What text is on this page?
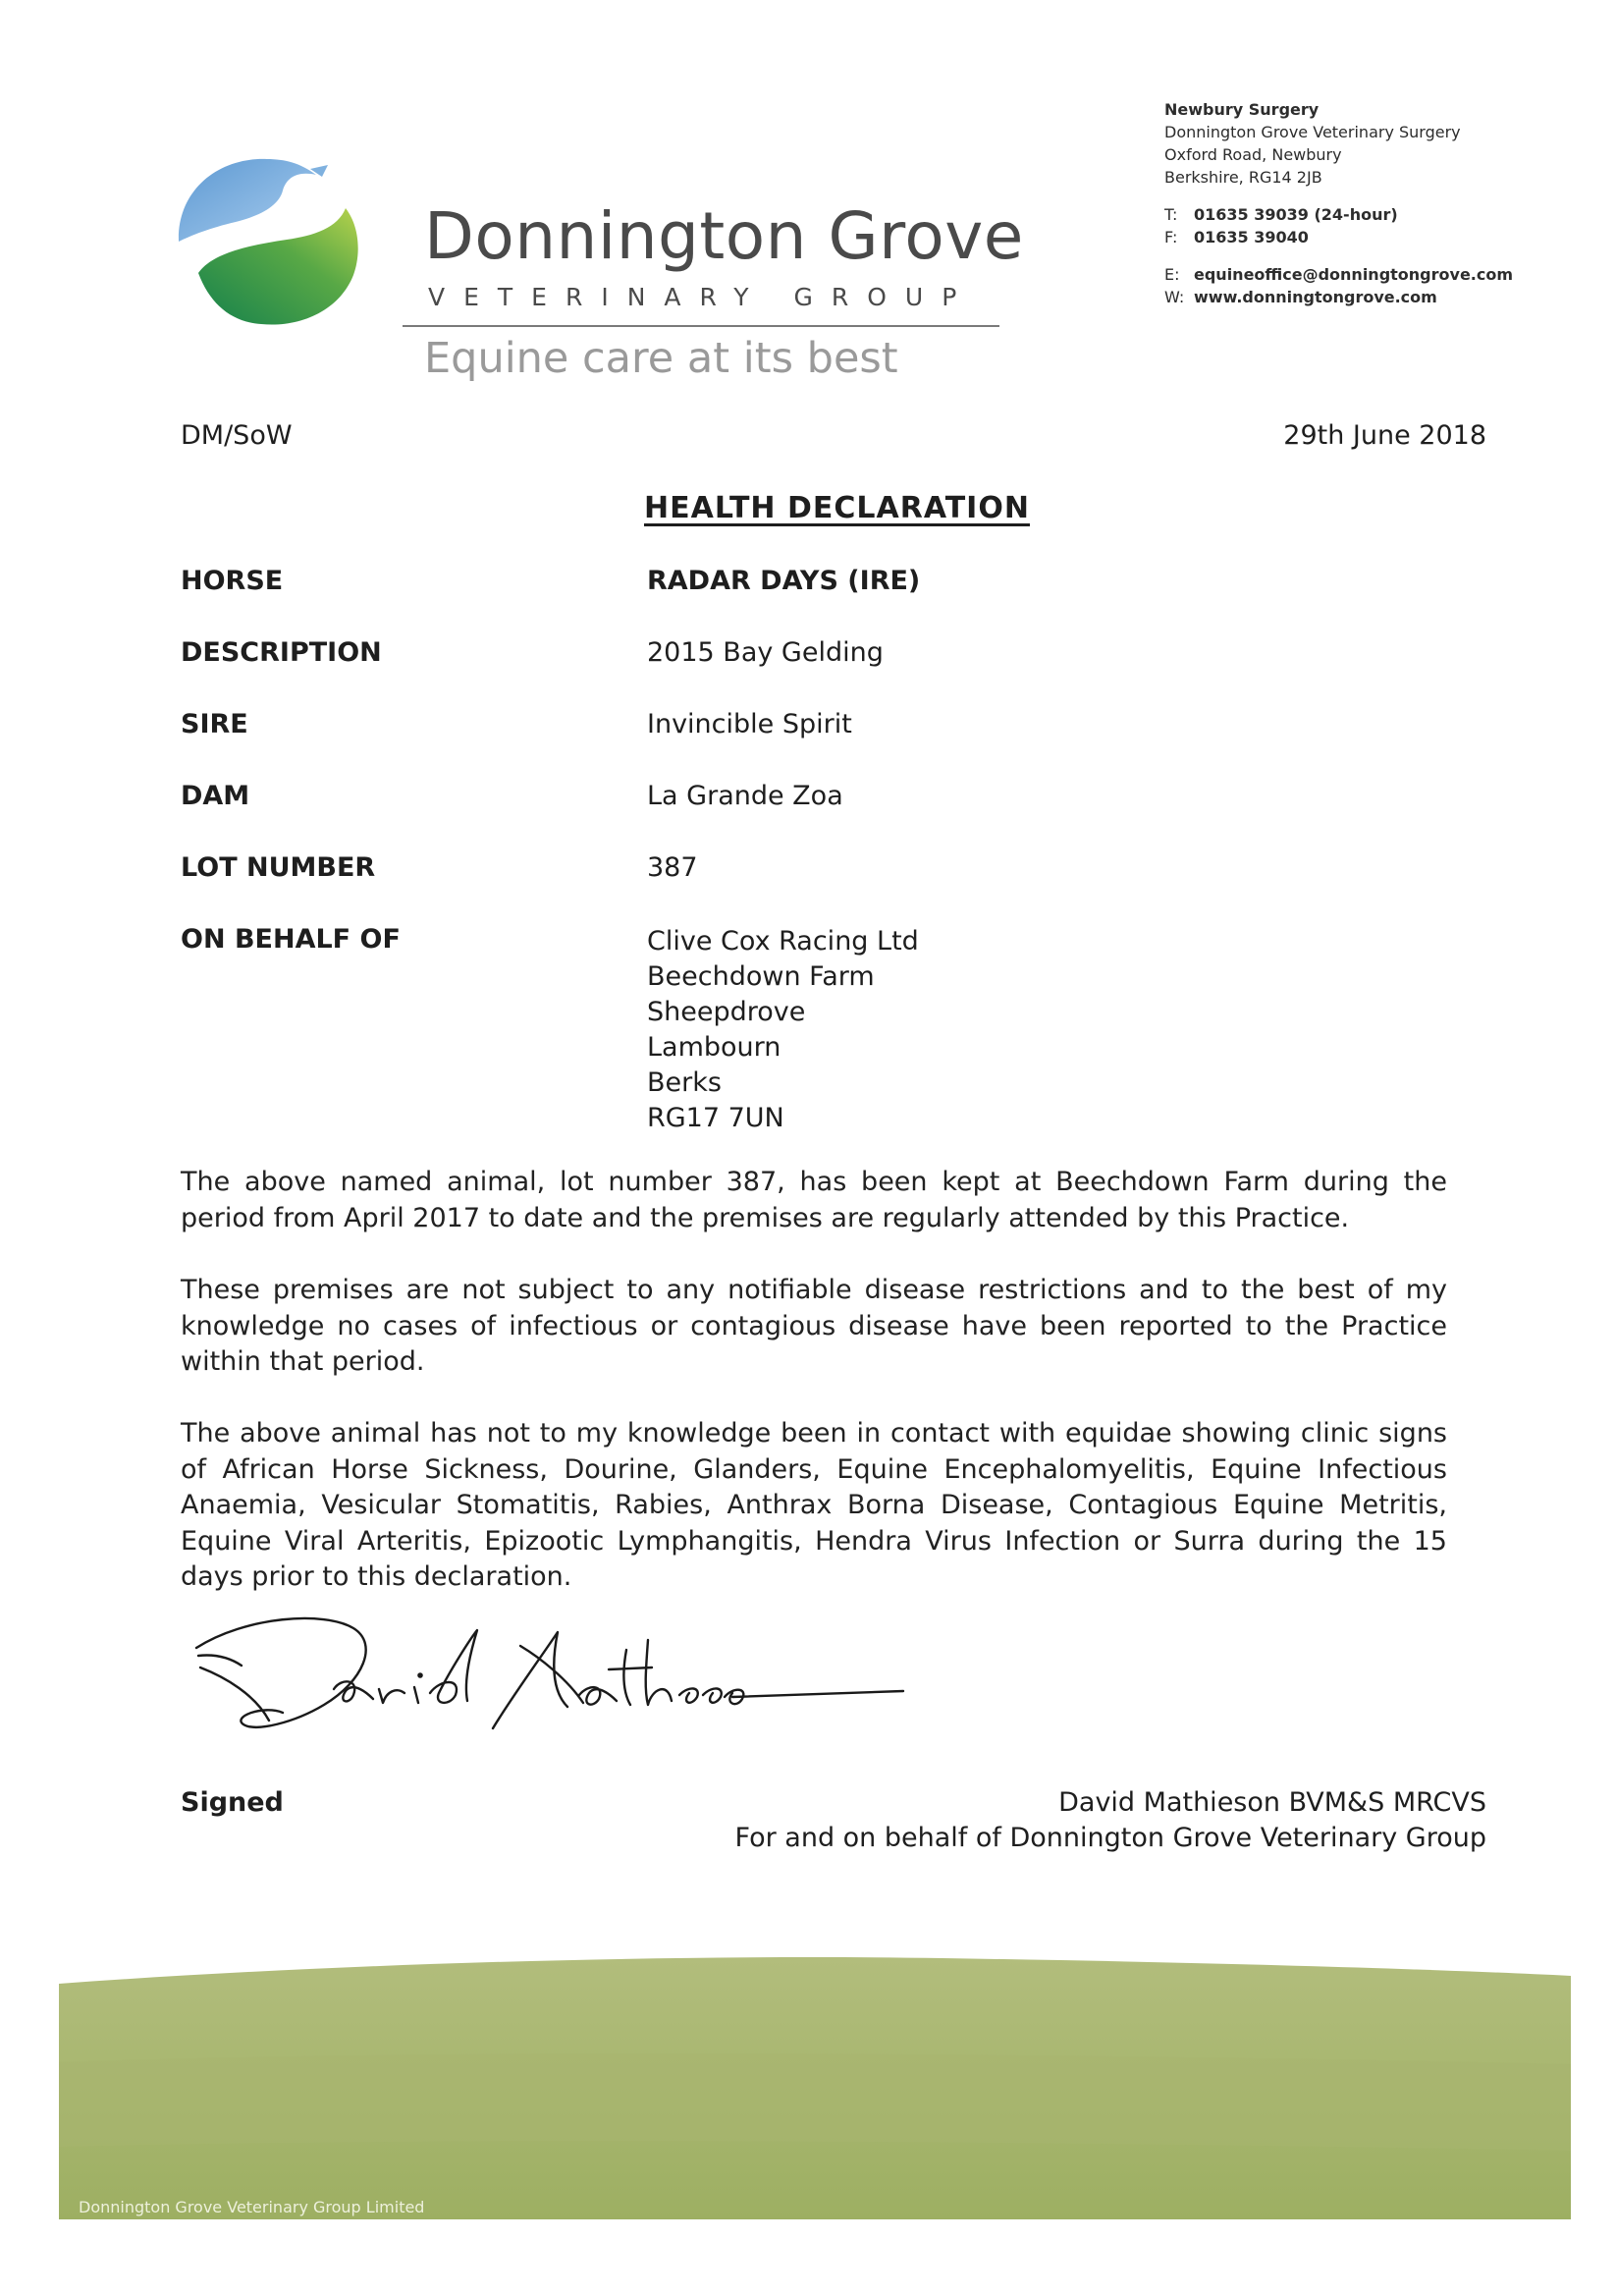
Donnington Grove
VETERINARY GROUP
Equine care at its best
Newbury Surgery
Donnington Grove Veterinary Surgery
Oxford Road, Newbury
Berkshire, RG14 2JB
T: 01635 39039 (24-hour)
F: 01635 39040
E: equineoffice@donningtongrove.com
W: www.donningtongrove.com
DM/SoW	29th June 2018
HEALTH DECLARATION
HORSE	RADAR DAYS (IRE)
DESCRIPTION	2015 Bay Gelding
SIRE	Invincible Spirit
DAM	La Grande Zoa
LOT NUMBER	387
ON BEHALF OF	Clive Cox Racing Ltd
Beechdown Farm
Sheepdrove
Lambourn
Berks
RG17 7UN

The above named animal, lot number 387, has been kept at Beechdown Farm during the period from April 2017 to date and the premises are regularly attended by this Practice.

These premises are not subject to any notifiable disease restrictions and to the best of my knowledge no cases of infectious or contagious disease have been reported to the Practice within that period.

The above animal has not to my knowledge been in contact with equidae showing clinic signs of African Horse Sickness, Dourine, Glanders, Equine Encephalomyelitis, Equine Infectious Anaemia, Vesicular Stomatitis, Rabies, Anthrax Borna Disease, Contagious Equine Metritis, Equine Viral Arteritis, Epizootic Lymphangitis, Hendra Virus Infection or Surra during the 15 days prior to this declaration.

Signed	David Mathieson BVM&S MRCVS
For and on behalf of Donnington Grove Veterinary Group
Donnington Grove Veterinary Group Limited
